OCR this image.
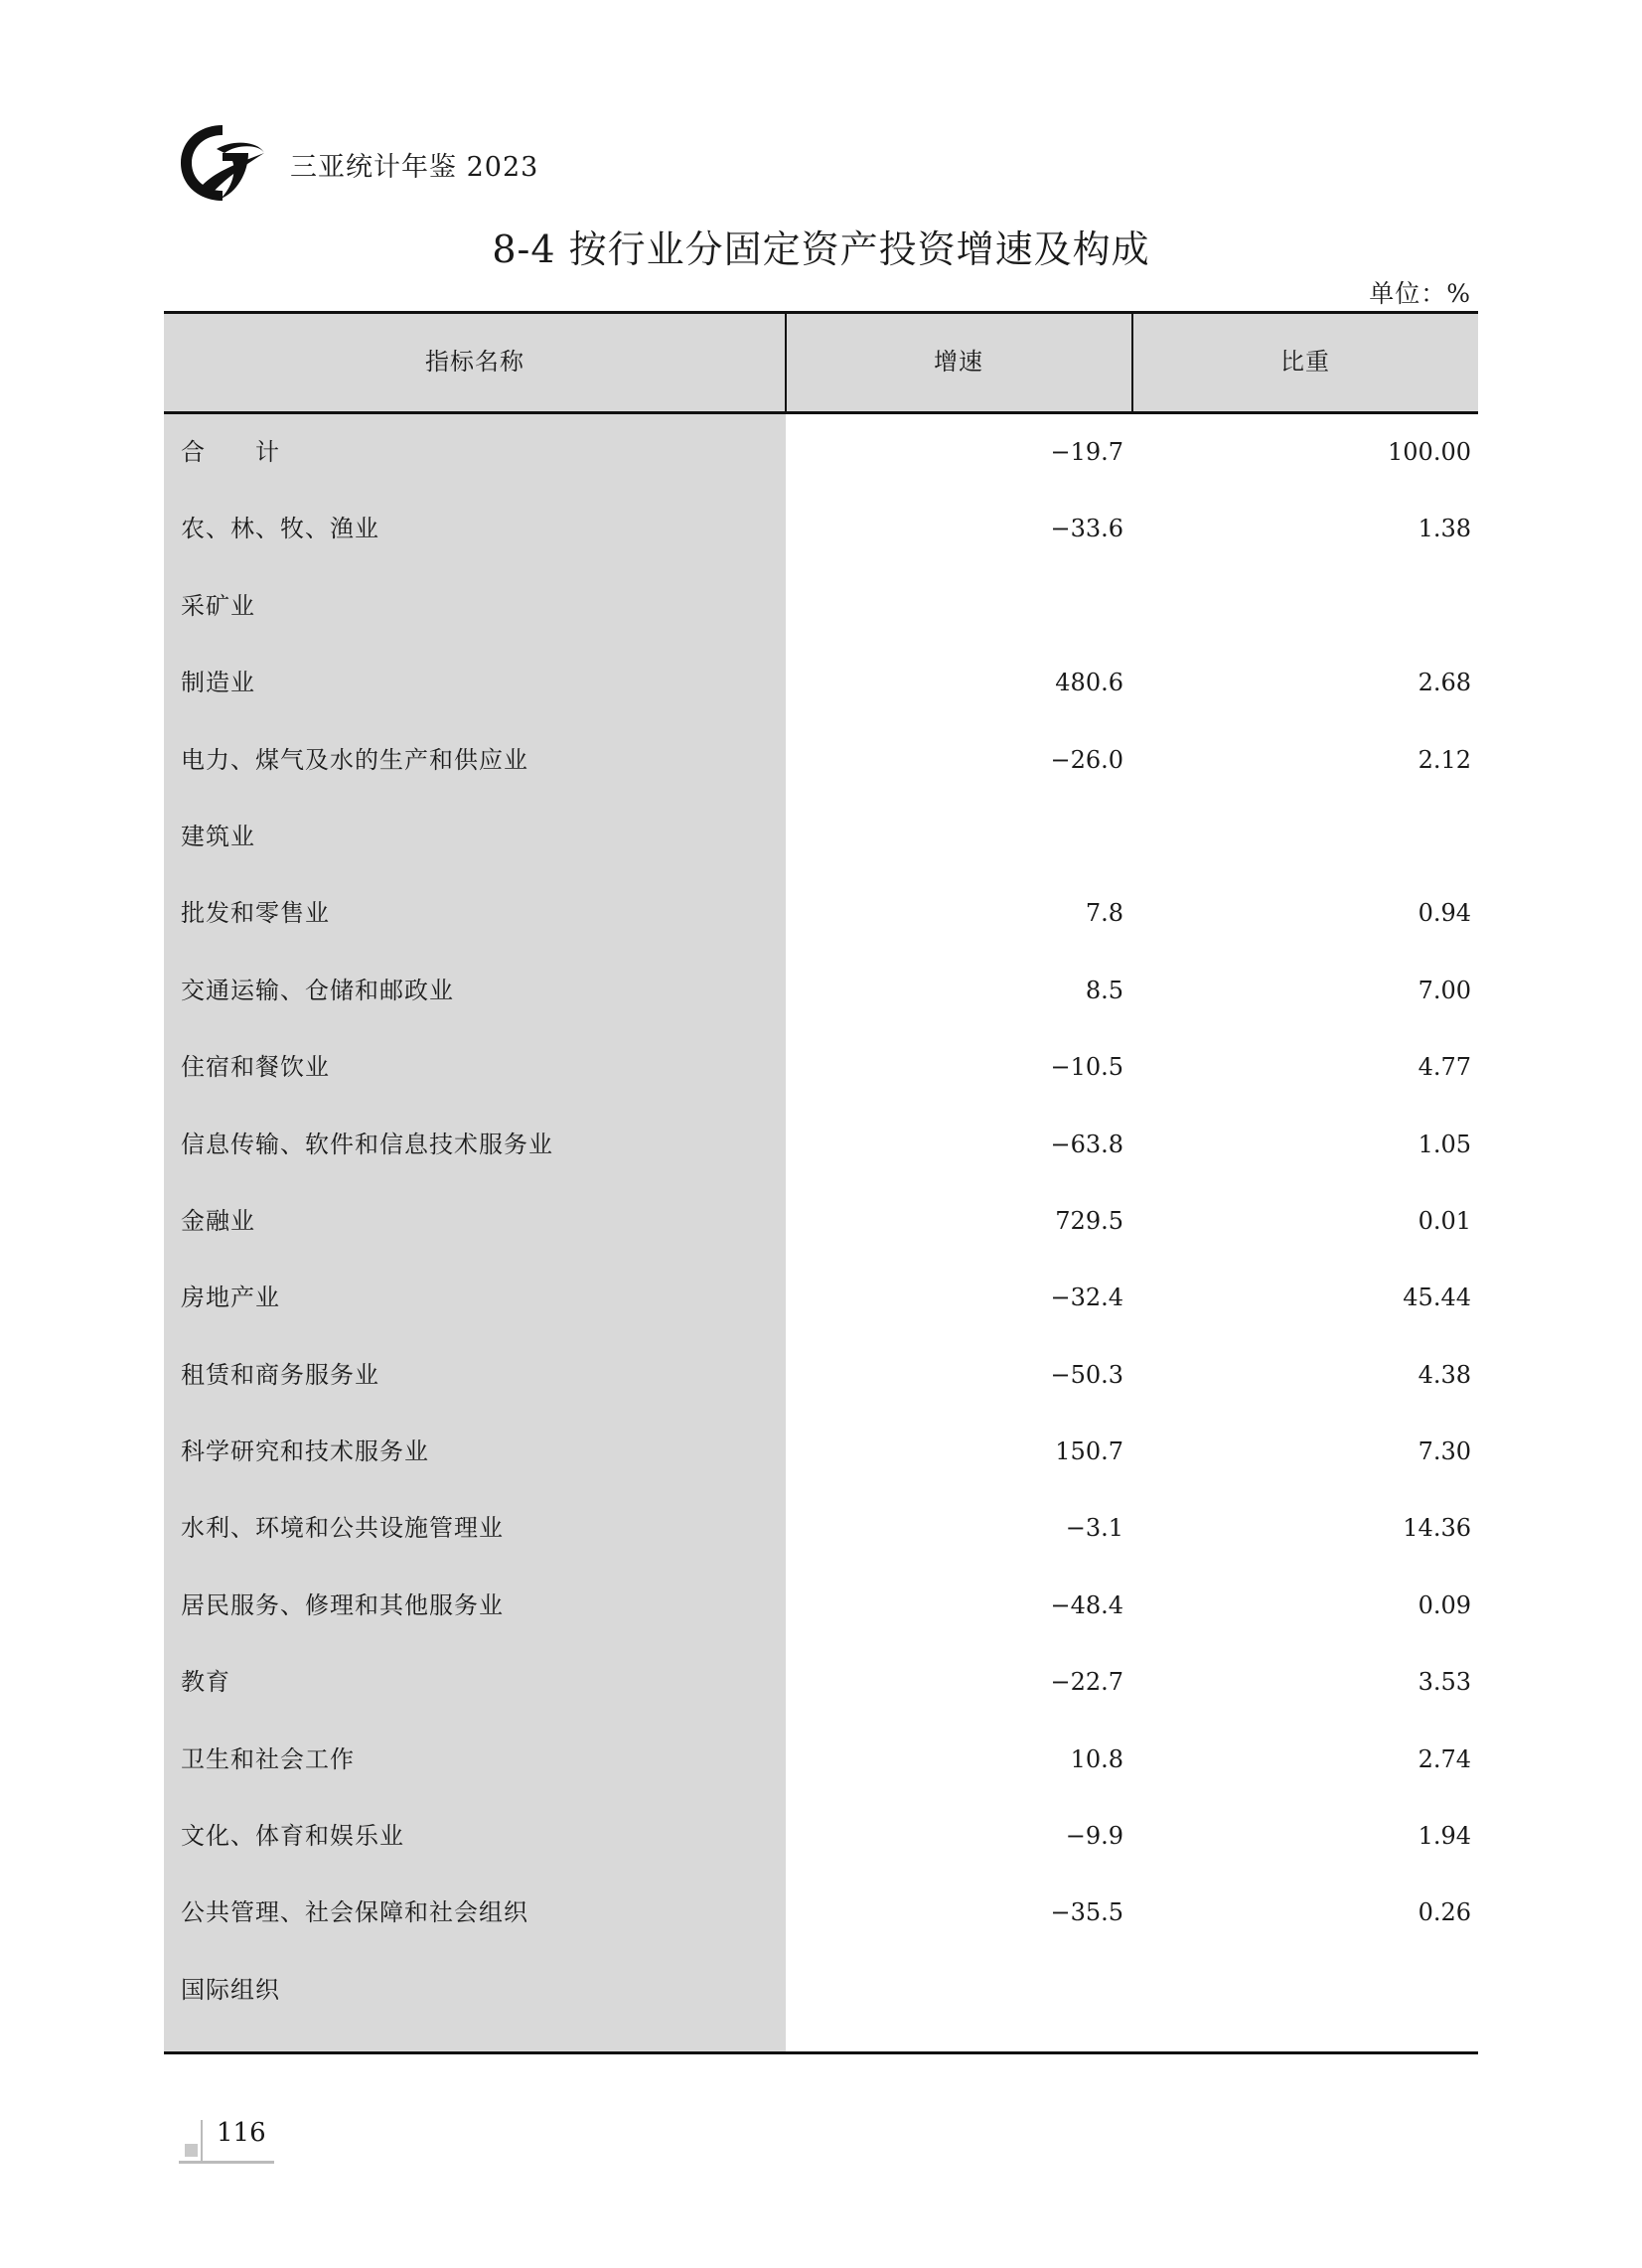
三亚统计年鉴 2023
8-4 按行业分固定资产投资增速及构成
单位：%
指标名称	增速	比重
合　　计	−19.7	100.00
农、林、牧、渔业	−33.6	1.38
采矿业
制造业	480.6	2.68
电力、煤气及水的生产和供应业	−26.0	2.12
建筑业
批发和零售业	7.8	0.94
交通运输、仓储和邮政业	8.5	7.00
住宿和餐饮业	−10.5	4.77
信息传输、软件和信息技术服务业	−63.8	1.05
金融业	729.5	0.01
房地产业	−32.4	45.44
租赁和商务服务业	−50.3	4.38
科学研究和技术服务业	150.7	7.30
水利、环境和公共设施管理业	−3.1	14.36
居民服务、修理和其他服务业	−48.4	0.09
教育	−22.7	3.53
卫生和社会工作	10.8	2.74
文化、体育和娱乐业	−9.9	1.94
公共管理、社会保障和社会组织	−35.5	0.26
国际组织
116
